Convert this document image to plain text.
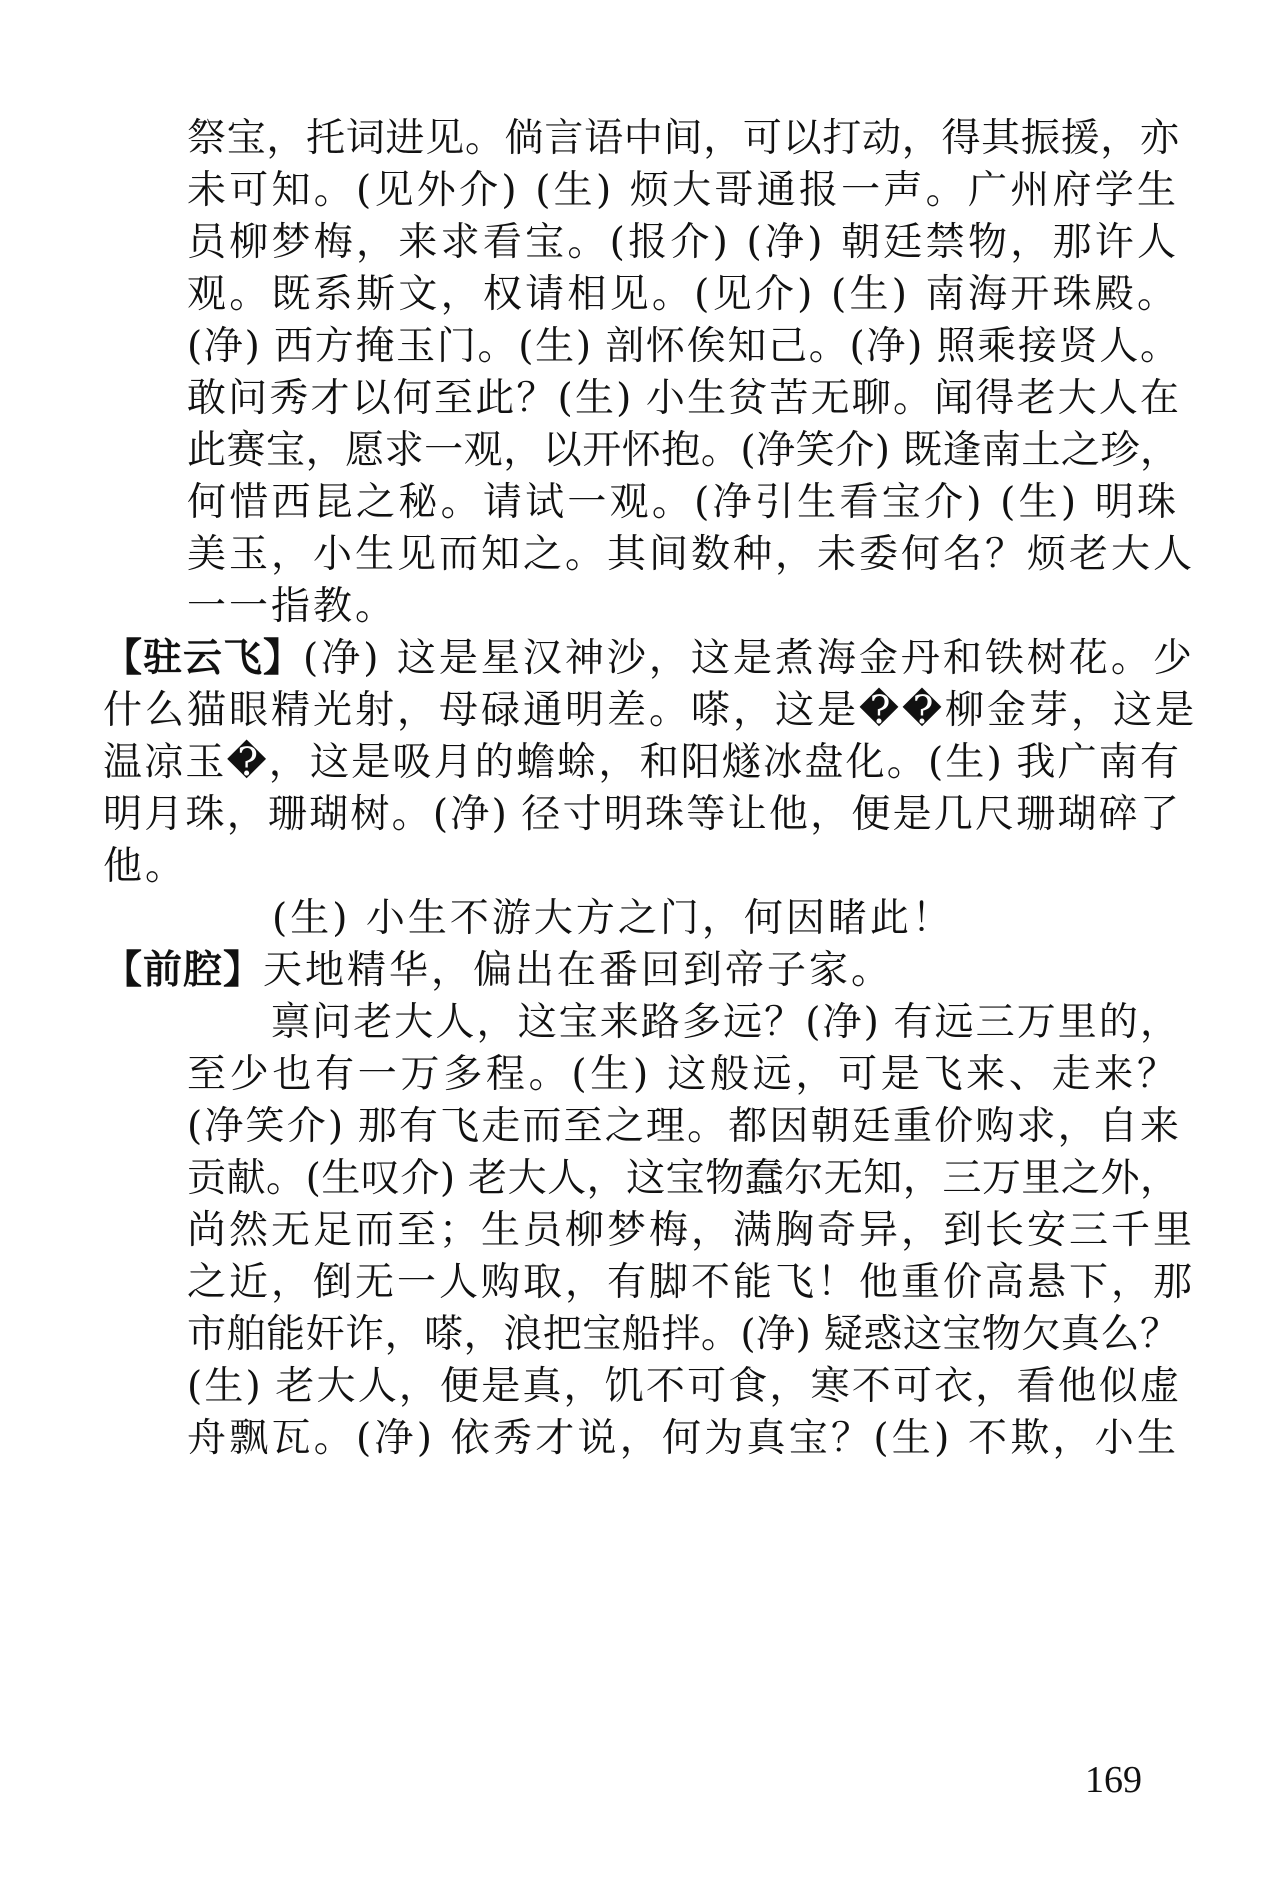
祭宝，托词进见。倘言语中间，可以打动，得其振援，亦
未可知。(见外介) (生) 烦大哥通报一声。广州府学生
员柳梦梅，来求看宝。(报介) (净) 朝廷禁物，那许人
观。既系斯文，权请相见。(见介) (生) 南海开珠殿。
(净) 西方掩玉门。(生) 剖怀俟知己。(净) 照乘接贤人。
敢问秀才以何至此？(生) 小生贫苦无聊。闻得老大人在
此赛宝，愿求一观，以开怀抱。(净笑介) 既逢南土之珍，
何惜西昆之秘。请试一观。(净引生看宝介) (生) 明珠
美玉，小生见而知之。其间数种，未委何名？烦老大人
一一指教。
【驻云飞】(净) 这是星汉神沙，这是煮海金丹和铁树花。少
什么猫眼精光射，母碌通明差。嗏，这是��柳金芽，这是
温凉玉�，这是吸月的蟾蜍，和阳燧冰盘化。(生) 我广南有
明月珠，珊瑚树。(净) 径寸明珠等让他，便是几尺珊瑚碎了
他。
(生) 小生不游大方之门，何因睹此！
【前腔】天地精华，偏出在番回到帝子家。
禀问老大人，这宝来路多远？(净) 有远三万里的，
至少也有一万多程。(生) 这般远，可是飞来、走来？
(净笑介) 那有飞走而至之理。都因朝廷重价购求，自来
贡献。(生叹介) 老大人，这宝物蠢尔无知，三万里之外，
尚然无足而至；生员柳梦梅，满胸奇异，到长安三千里
之近，倒无一人购取，有脚不能飞！他重价高悬下，那
市舶能奸诈，嗏，浪把宝船拌。(净) 疑惑这宝物欠真么？
(生) 老大人，便是真，饥不可食，寒不可衣，看他似虚
舟飘瓦。(净) 依秀才说，何为真宝？(生) 不欺，小生
169
